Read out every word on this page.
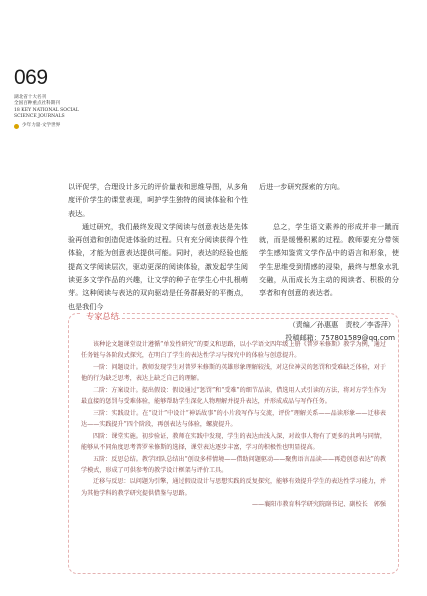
069
湖北省十大名刊
全国百种重点社科期刊
18 KEY NATIONAL SOCIAL
SCIENCE JOURNALS
少年力量·文学世界

以评促学，合理设计多元的评价量表和思维导图，从多角度评价学生的课堂表现，呵护学生独特的阅读体验和个性表达。

通过研究，我们最终发现文学阅读与创意表达是先体验再创造和创造促进体验的过程。只有充分阅读获得个性体验，才能为创意表达提供可能。同时，表达的经验也能提高文学阅读层次，驱动更深的阅读体验，激发起学生阅读更多文学作品的兴趣，让文学的种子在学生心中扎根萌芽。这种阅读与表达的双向驱动是任务群最好的平衡点，也是我们今

后进一步研究探索的方向。

总之，学生语文素养的形成并非一蹴而就，而是缓慢积累的过程。教师要充分带领学生感知鉴赏文学作品中的语言和形象，使学生思维受到情感的浸染，最终与想象水乳交融，从而成长为主动的阅读者、积极的分享者和有创意的表达者。

（责编／孙惠惠　责校／李香萍）
投稿邮箱：757801589@qq.com
专家总结

该种论文题课堂设计遵循“单发性研究”的要义和思路，以小学语文四年级上册《普罗米修斯》教学为例，通过任务链与各阶段式探究，在明白了学生的表达性学习与探究中的体验与创意提升。

一阶：问题设计。教师发现学生对普罗米修斯的英雄形象理解较浅，对这位神灵的惩罚和受难缺乏体验，对于他的行为缺乏思考，表达上缺乏自己的理解。

二阶：方案设计。提出假设：假设通过“惩罚”和“受难”的细节品读，借选用人式引读的方法，将对方学生作为最直接的惩罚与受难体验，能够帮助学生深化人物理解并提升表达，并形成成品与写作任务。

三阶：实践设计。在“设计”中设计“神话故事”的小片段写作与交流，评价“理解关系——品读形象——迁移表达——实践提升”四个阶段，再创表达与体验，螺旋提升。

四阶：课堂实施。初步验证，教师在实践中发现，学生的表达由浅入深，对故事人物有了更多的共鸣与同情，能够从不同角度思考普罗米修斯的选择，课堂表达逐步丰富，学习的积极性也明显提高。

五阶：反思总结。教学团队总结出“创设多样情境——借助问题驱动——聚焦语言品读——再造创意表达”的教学模式，形成了可供参考的教学设计框架与评价工具。

迁移与反思：以问题为引擎，通过假设设计与思想实践的反复探究，能够有效提升学生的表达性学习能力，并为其他学科的教学研究提供借鉴与思路。

——襄阳市教育科学研究院副书记、副校长　郭强
